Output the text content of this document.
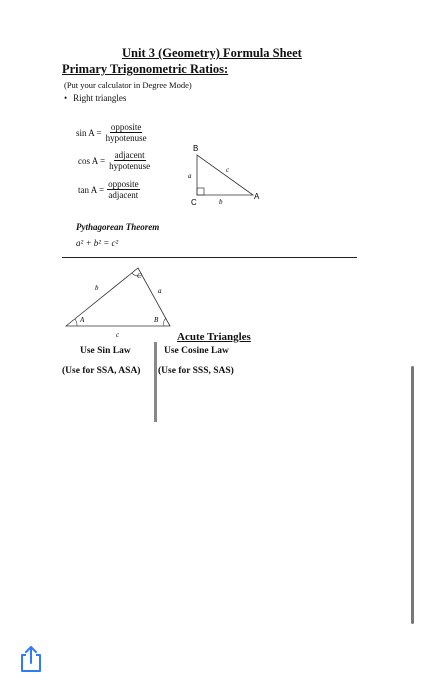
Unit 3 (Geometry) Formula Sheet
Primary Trigonometric Ratios:
(Put your calculator in Degree Mode)
• Right triangles
$\sin A = \frac{\text{opposite}}{\text{hypotenuse}}$
$\cos A = \frac{\text{adjacent}}{\text{hypotenuse}}$
$\tan A = \frac{\text{opposite}}{\text{adjacent}}$
B
C
A
a
b
c
A	B
C
b	a
c
Pythagorean Theorem
a² + b² = c²
Acute Triangles
Use Sin Law	Use Cosine Law
(Use for SSA, ASA) (Use for SSS, SAS)
